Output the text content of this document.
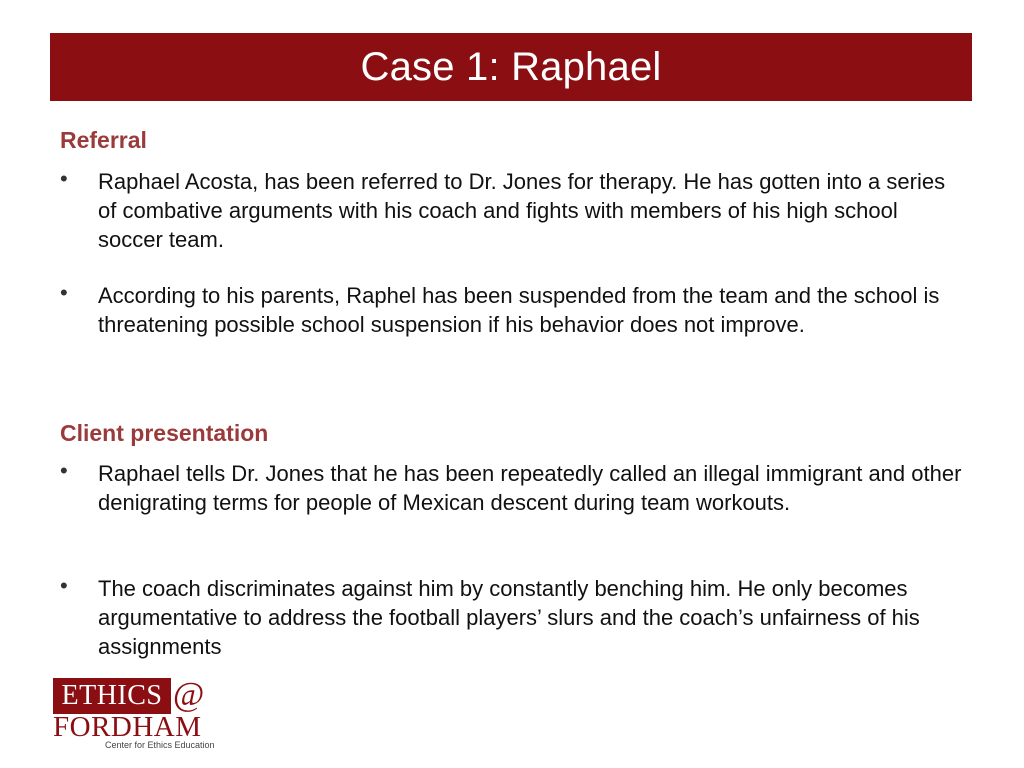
Case 1: Raphael
Referral
• Raphael Acosta, has been referred to Dr. Jones for therapy. He has gotten into a series of combative arguments with his coach and fights with members of his high school soccer team.
• According to his parents, Raphel has been suspended from the team and the school is threatening possible school suspension if his behavior does not improve.
Client presentation
• Raphael tells Dr. Jones that he has been repeatedly called an illegal immigrant and other denigrating terms for people of Mexican descent during team workouts.
• The coach discriminates against him by constantly benching him. He only becomes argumentative to address the football players’ slurs and the coach’s unfairness of his assignments
ETHICS @
FORDHAM
Center for Ethics Education
